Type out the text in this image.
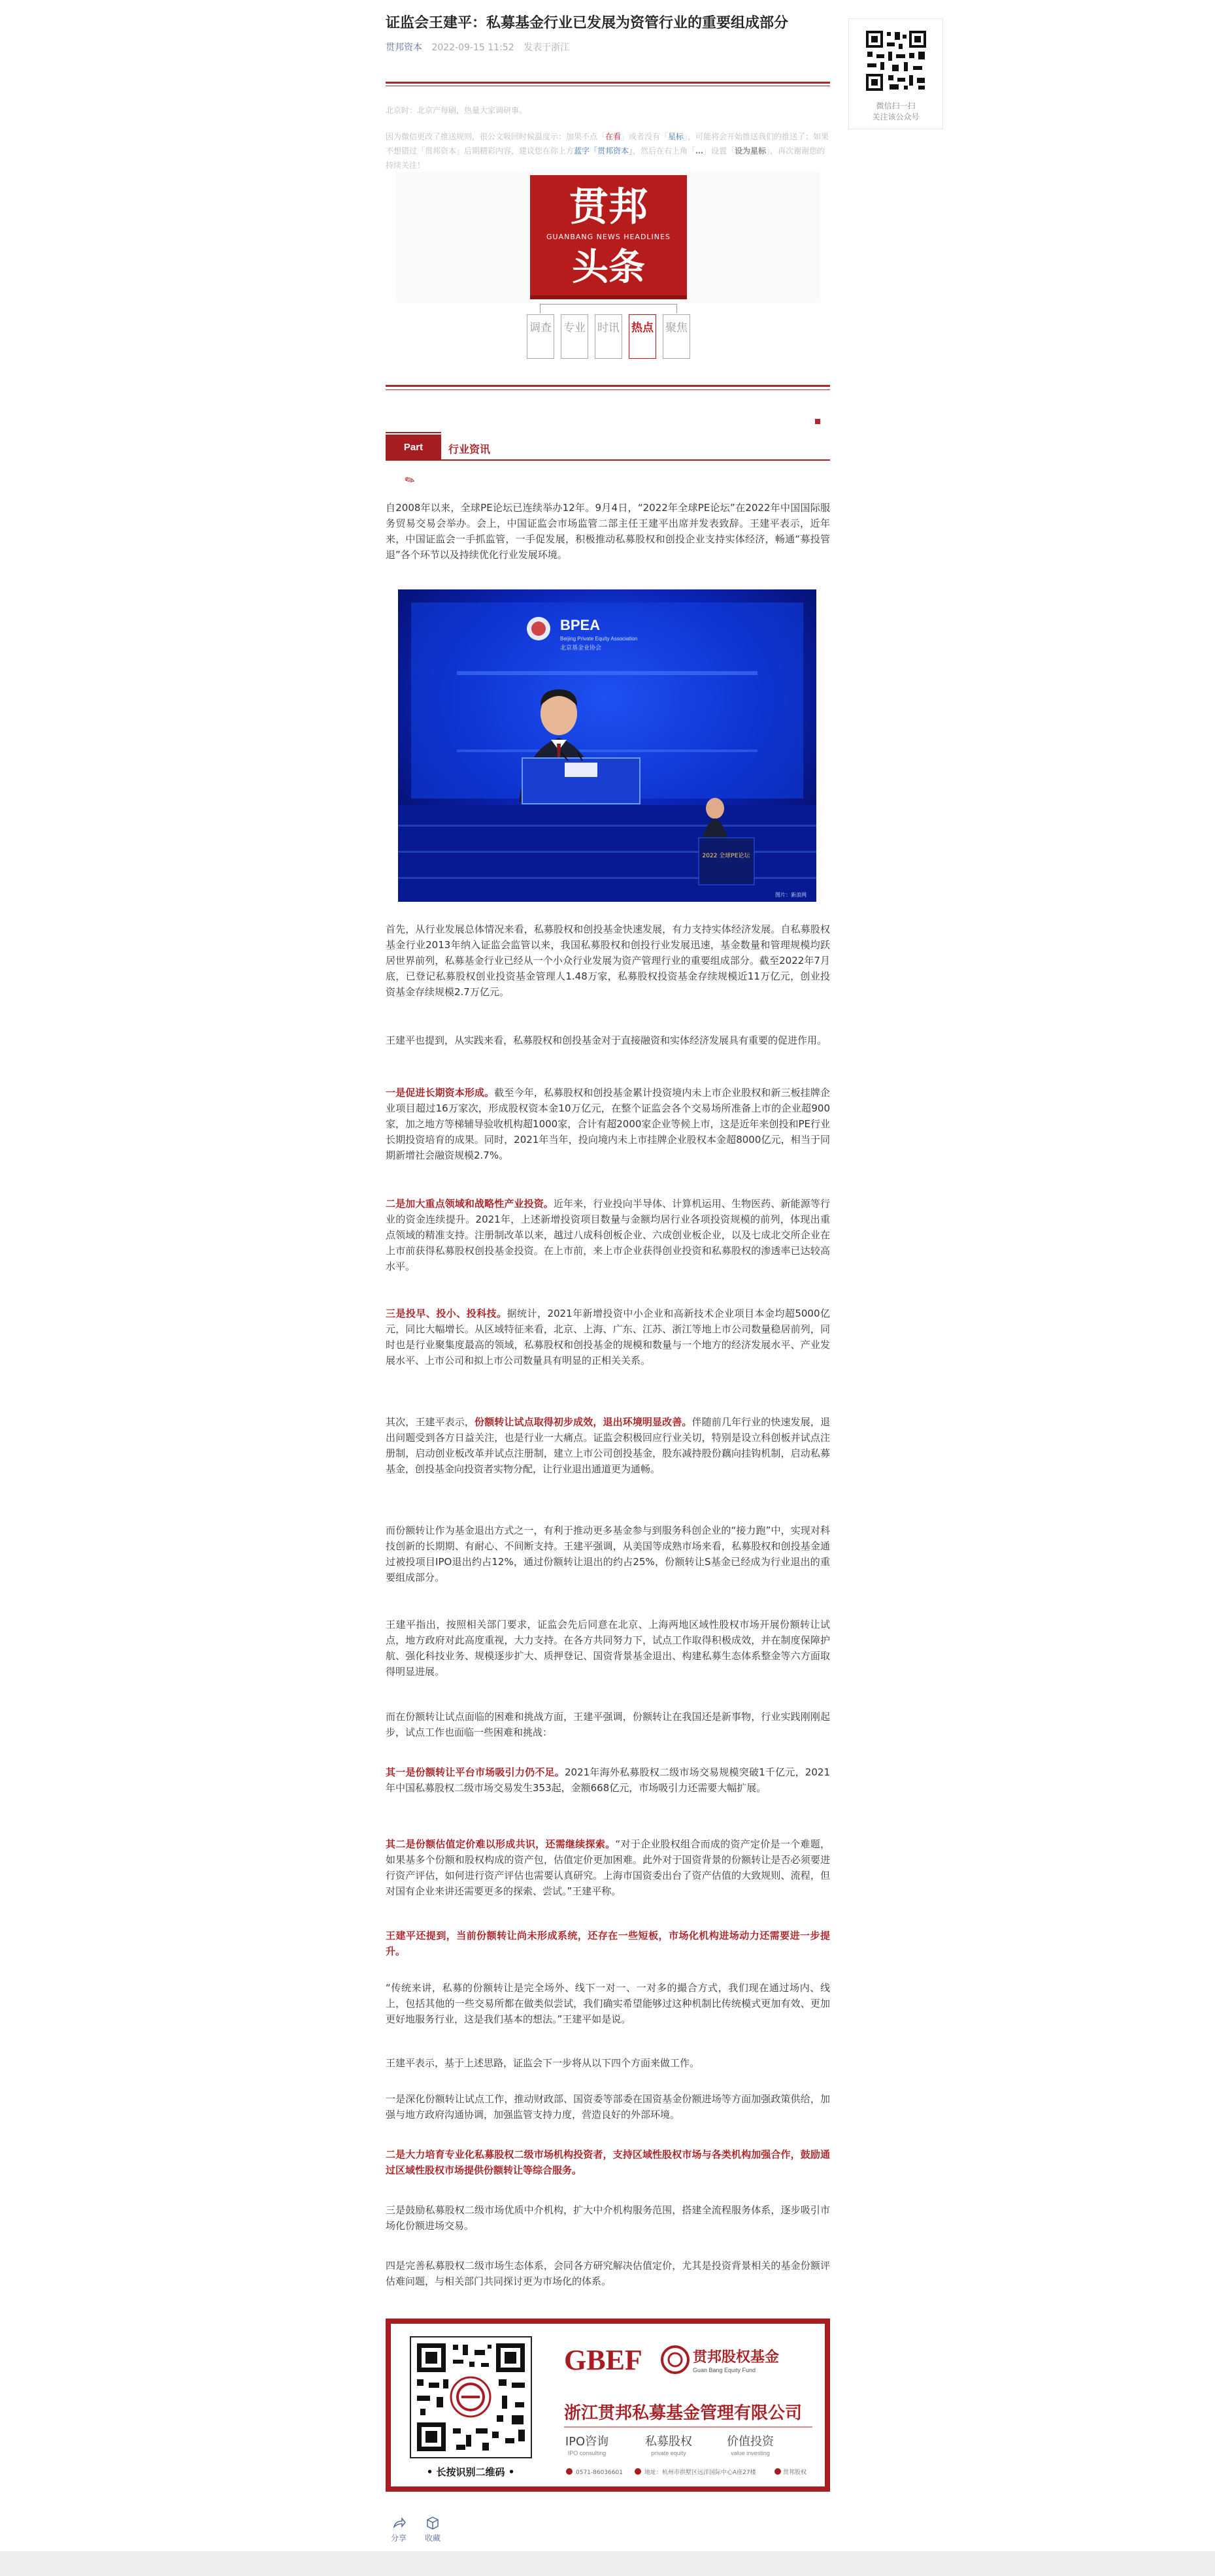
证监会王建平：私募基金行业已发展为资管行业的重要组成部分
贯邦资本 2022-09-15 11:52 发表于浙江
北京时：北京产每刷，热量大家调研事。
因为微信更改了推送规则，很公文吸回时候温度示：加果不点「在看」或者没有「星标」，可能将会开始推送我们的推送了；如果不想错过「贯邦资本」后期精彩内容，建议您在你上方蓝字「贯邦资本」，然后在右上角「…」设置「设为星标」，再次谢谢您的持续关注！
贯邦
GUANBANG NEWS HEADLINES
头条
调查 专业 时讯 热点 聚焦
Part	行业资讯
✎

自2008年以来，全球PE论坛已连续举办12年。9月4日，“2022年全球PE论坛”在2022年中国国际服务贸易交易会举办。会上，中国证监会市场监管二部主任王建平出席并发表致辞。王建平表示，近年来，中国证监会一手抓监管，一手促发展，积极推动私募股权和创投企业支持实体经济，畅通“募投管退”各个环节以及持续优化行业发展环境。

BPEA
Beijing Private Equity Association
北京基金业协会
2022 全球PE论坛
图片：新浪网

首先，从行业发展总体情况来看，私募股权和创投基金快速发展，有力支持实体经济发展。自私募股权基金行业2013年纳入证监会监管以来，我国私募股权和创投行业发展迅速，基金数量和管理规模均跃居世界前列，私募基金行业已经从一个小众行业发展为资产管理行业的重要组成部分。截至2022年7月底，已登记私募股权创业投资基金管理人1.48万家，私募股权投资基金存续规模近11万亿元，创业投资基金存续规模2.7万亿元。

王建平也提到，从实践来看，私募股权和创投基金对于直接融资和实体经济发展具有重要的促进作用。

一是促进长期资本形成。截至今年，私募股权和创投基金累计投资境内未上市企业股权和新三板挂牌企业项目超过16万家次，形成股权资本金10万亿元，在整个证监会各个交易场所准备上市的企业超900家，加之地方等梯辅导验收机构超1000家，合计有超2000家企业等候上市，这是近年来创投和PE行业长期投资培育的成果。同时，2021年当年，投向境内未上市挂牌企业股权本金超8000亿元，相当于同期新增社会融资规模2.7%。

二是加大重点领域和战略性产业投资。近年来，行业投向半导体、计算机运用、生物医药、新能源等行业的资金连续提升。2021年，上述新增投资项目数量与金额均居行业各项投资规模的前列，体现出重点领域的精准支持。注册制改革以来，越过八成科创板企业、六成创业板企业，以及七成北交所企业在上市前获得私募股权创投基金投资。在上市前，来上市企业获得创业投资和私募股权的渗透率已达较高水平。

三是投早、投小、投科技。据统计，2021年新增投资中小企业和高新技术企业项目本金均超5000亿元，同比大幅增长。从区域特征来看，北京、上海、广东、江苏、浙江等地上市公司数量稳居前列，同时也是行业聚集度最高的领域，私募股权和创投基金的规模和数量与一个地方的经济发展水平、产业发展水平、上市公司和拟上市公司数量具有明显的正相关关系。

其次，王建平表示，份额转让试点取得初步成效，退出环境明显改善。伴随前几年行业的快速发展，退出问题受到各方日益关注，也是行业一大痛点。证监会积极回应行业关切，特别是设立科创板并试点注册制，启动创业板改革并试点注册制，建立上市公司创投基金，股东减持股份藕向挂钩机制，启动私募基金，创投基金向投资者实物分配，让行业退出通道更为通畅。

而份额转让作为基金退出方式之一，有利于推动更多基金参与到服务科创企业的“接力跑”中，实现对科技创新的长期期、有耐心、不间断支持。王建平强调，从美国等成熟市场来看，私募股权和创投基金通过被投项目IPO退出约占12%，通过份额转让退出的约占25%，份额转让S基金已经成为行业退出的重要组成部分。

王建平指出，按照相关部门要求，证监会先后同意在北京、上海两地区域性股权市场开展份额转让试点，地方政府对此高度重视，大力支持。在各方共同努力下，试点工作取得积极成效，并在制度保障护航、强化科技业务、规模逐步扩大、质押登记、国资背景基金退出、构建私募生态体系整金等六方面取得明显进展。

而在份额转让试点面临的困难和挑战方面，王建平强调，份额转让在我国还是新事物，行业实践刚刚起步，试点工作也面临一些困难和挑战：

其一是份额转让平台市场吸引力仍不足。2021年海外私募股权二级市场交易规模突破1千亿元，2021年中国私募股权二级市场交易发生353起，金额668亿元，市场吸引力还需要大幅扩展。

其二是份额估值定价难以形成共识，还需继续探索。“对于企业股权组合而成的资产定价是一个难题，如果基多个份额和股权构成的资产包，估值定价更加困难。此外对于国资背景的份额转让是否必须要进行资产评估，如何进行资产评估也需要认真研究。上海市国资委出台了资产估值的大致规则、流程，但对国有企业来讲还需要更多的探索、尝试。”王建平称。

王建平还提到，当前份额转让尚未形成系统，还存在一些短板，市场化机构进场动力还需要进一步提升。

“传统来讲，私募的份额转让是完全场外、线下一对一、一对多的撮合方式，我们现在通过场内、线上，包括其他的一些交易所都在做类似尝试，我们确实希望能够过这种机制比传统模式更加有效、更加更好地服务行业，这是我们基本的想法。”王建平如是说。

王建平表示，基于上述思路，证监会下一步将从以下四个方面来做工作。

一是深化份额转让试点工作，推动财政部、国资委等部委在国资基金份额进场等方面加强政策供给，加强与地方政府沟通协调，加强监管支持力度，营造良好的外部环境。

二是大力培育专业化私募股权二级市场机构投资者，支持区域性股权市场与各类机构加强合作，鼓励通过区域性股权市场提供份额转让等综合服务。

三是鼓励私募股权二级市场优质中介机构，扩大中介机构服务范围，搭建全流程服务体系，逐步吸引市场化份额进场交易。

四是完善私募股权二级市场生态体系，会同各方研究解决估值定价，尤其是投资背景相关的基金份额评估难问题，与相关部门共同探讨更为市场化的体系。

• 长按识别二维码 •
GBEF	贯邦股权基金
Guan Bang Equity Fund
浙江贯邦私募基金管理有限公司
IPO咨询
IPO consulting
私募股权
private equity
价值投资
value investing
0571-86036601	地址：杭州市拱墅区远洋国际中心A座27楼	贯邦股权
分享	收藏
微信扫一扫
关注该公众号
